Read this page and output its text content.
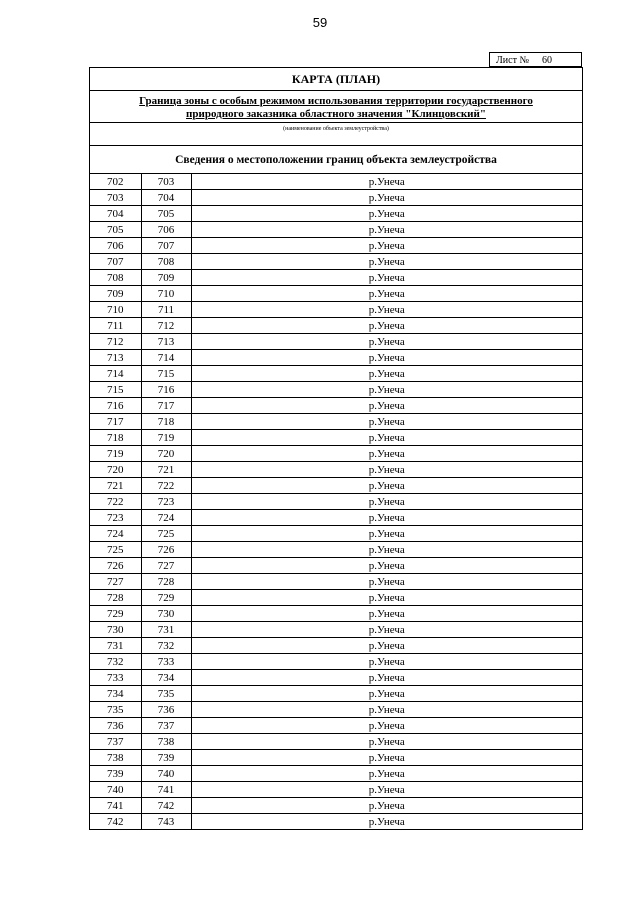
59
Лист № 60
КАРТА (ПЛАН)
Граница зоны с особым режимом использования территории государственного
природного заказника областного значения "Клинцовский"
(наименование объекта землеустройства)
Сведения о местоположении границ объекта землеустройства
702	703	р.Унеча
703	704	р.Унеча
704	705	р.Унеча
705	706	р.Унеча
706	707	р.Унеча
707	708	р.Унеча
708	709	р.Унеча
709	710	р.Унеча
710	711	р.Унеча
711	712	р.Унеча
712	713	р.Унеча
713	714	р.Унеча
714	715	р.Унеча
715	716	р.Унеча
716	717	р.Унеча
717	718	р.Унеча
718	719	р.Унеча
719	720	р.Унеча
720	721	р.Унеча
721	722	р.Унеча
722	723	р.Унеча
723	724	р.Унеча
724	725	р.Унеча
725	726	р.Унеча
726	727	р.Унеча
727	728	р.Унеча
728	729	р.Унеча
729	730	р.Унеча
730	731	р.Унеча
731	732	р.Унеча
732	733	р.Унеча
733	734	р.Унеча
734	735	р.Унеча
735	736	р.Унеча
736	737	р.Унеча
737	738	р.Унеча
738	739	р.Унеча
739	740	р.Унеча
740	741	р.Унеча
741	742	р.Унеча
742	743	р.Унеча
